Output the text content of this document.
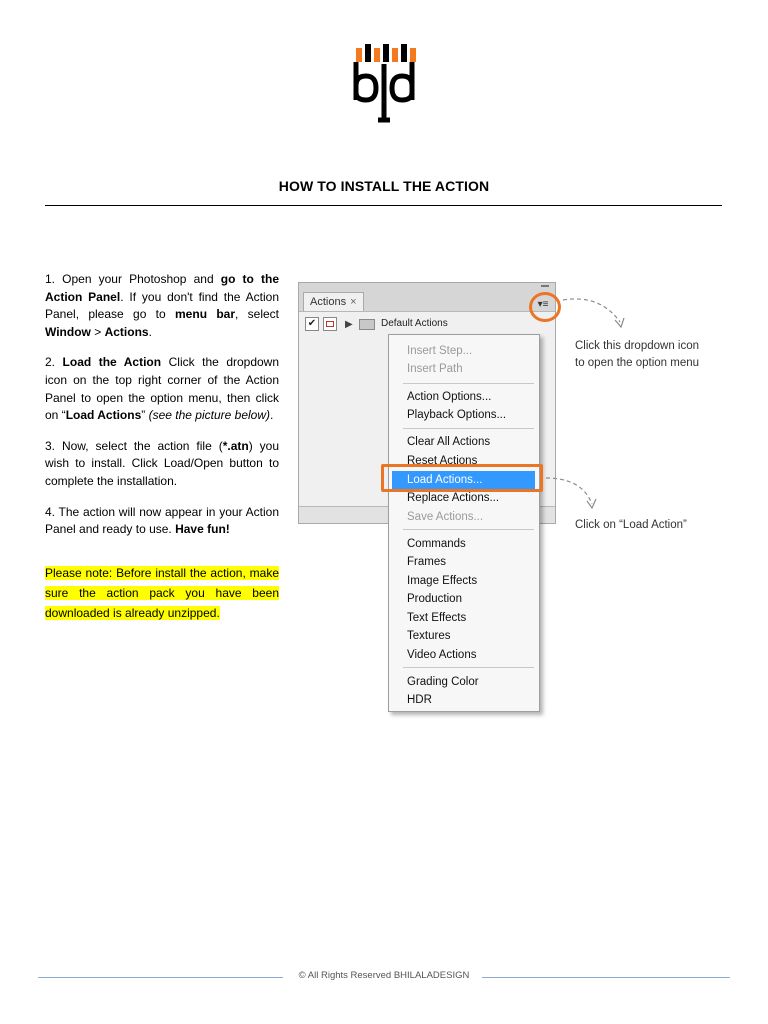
HOW TO INSTALL THE ACTION

1. Open your Photoshop and go to the Action Panel. If you don't find the Action Panel, please go to menu bar, select Window > Actions.

2. Load the Action Click the dropdown icon on the top right corner of the Action Panel to open the option menu, then click on “Load Actions” (see the picture below).

3. Now, select the action file (*.atn) you wish to install. Click Load/Open button to complete the installation.

4. The action will now appear in your Action Panel and ready to use. Have fun!

Please note: Before install the action, make sure the action pack you have been downloaded is already unzipped.

Actions ×	▾≡
✔	▶	Default Actions
Insert Step...
Insert Path
Action Options...
Playback Options...
Clear All Actions
Reset Actions
Load Actions...
Replace Actions...
Save Actions...
Commands
Frames
Image Effects
Production
Text Effects
Textures
Video Actions
Grading Color
HDR
Click this dropdown icon
to open the option menu
Click on “Load Action”
© All Rights Reserved BHILALADESIGN
